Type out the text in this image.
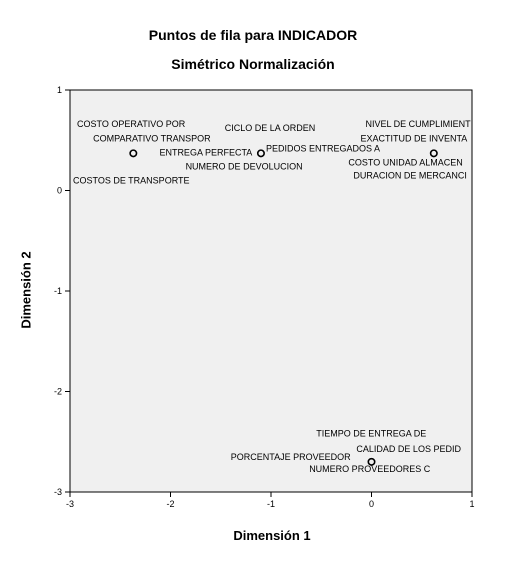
Puntos de fila para INDICADOR
Simétrico Normalización
-3	-2	-1	0	1
1
0
-1
-2
-3
COSTO OPERATIVO POR
COMPARATIVO TRANSPOR
COSTOS DE TRANSPORTE
CICLO DE LA ORDEN
ENTREGA PERFECTA PEDIDOS ENTREGADOS A
NUMERO DE DEVOLUCION
NIVEL DE CUMPLIMIENT
EXACTITUD DE INVENTA
COSTO UNIDAD ALMACEN
DURACION DE MERCANCI
TIEMPO DE ENTREGA DE
CALIDAD DE LOS PEDID
PORCENTAJE PROVEEDOR
NUMERO PROVEEDORES C
Dimensión 1
Dimensión 2
